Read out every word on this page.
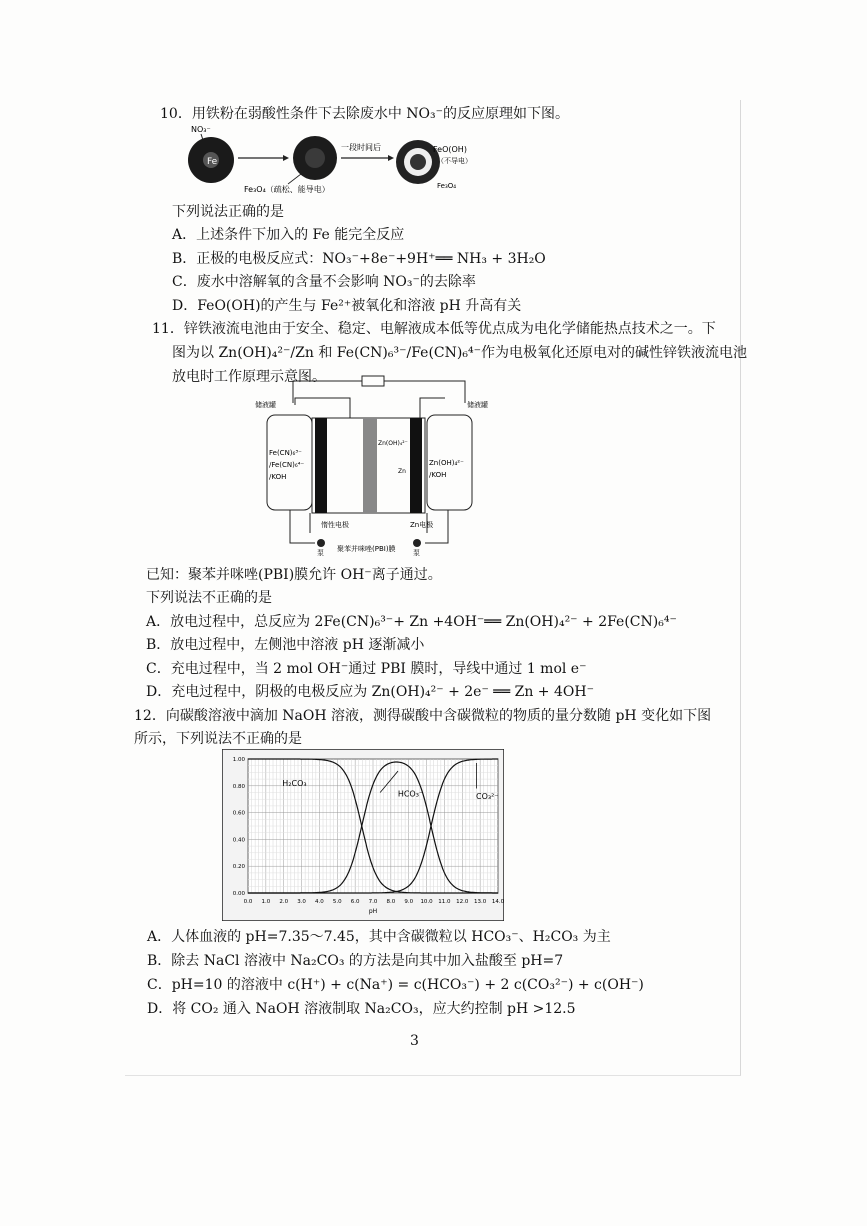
10．用铁粉在弱酸性条件下去除废水中 NO₃⁻的反应原理如下图。
NO₃⁻
Fe
Fe₃O₄（疏松、能导电）
一段时间后	FeO(OH)
（不导电）
Fe₃O₄
下列说法正确的是
A．上述条件下加入的 Fe 能完全反应
B．正极的电极反应式：NO₃⁻+8e⁻+9H⁺══ NH₃ + 3H₂O
C．废水中溶解氧的含量不会影响 NO₃⁻的去除率
D．FeO(OH)的产生与 Fe²⁺被氧化和溶液 pH 升高有关
11．锌铁液流电池由于安全、稳定、电解液成本低等优点成为电化学储能热点技术之一。下
图为以 Zn(OH)₄²⁻/Zn 和 Fe(CN)₆³⁻/Fe(CN)₆⁴⁻作为电极氧化还原电对的碱性锌铁液流电池
放电时工作原理示意图。
储液罐	储液罐
Fe(CN)₆³⁻
/Fe(CN)₆⁴⁻
/KOH
Zn(OH)₄²⁻
/KOH
Zn(OH)₄²⁻
Zn
惰性电极	Zn电极
泵	泵
聚苯并咪唑(PBI)膜
已知：聚苯并咪唑(PBI)膜允许 OH⁻离子通过。
下列说法不正确的是
A．放电过程中，总反应为 2Fe(CN)₆³⁻+ Zn +4OH⁻══ Zn(OH)₄²⁻ + 2Fe(CN)₆⁴⁻
B．放电过程中，左侧池中溶液 pH 逐渐减小
C．充电过程中，当 2 mol OH⁻通过 PBI 膜时，导线中通过 1 mol e⁻
D．充电过程中，阴极的电极反应为 Zn(OH)₄²⁻ + 2e⁻ ══ Zn + 4OH⁻
12．向碳酸溶液中滴加 NaOH 溶液，测得碳酸中含碳微粒的物质的量分数随 pH 变化如下图
所示，下列说法不正确的是
0.0 1.0 2.0 3.0 4.0 5.0 6.0 7.0 8.0 9.0 10.0 11.0 12.0 13.0 14.0
0.00
0.20
0.40
0.60
0.80
1.00
pH
H₂CO₃
HCO₃⁻	CO₃²⁻
A．人体血液的 pH=7.35～7.45，其中含碳微粒以 HCO₃⁻、H₂CO₃ 为主
B．除去 NaCl 溶液中 Na₂CO₃ 的方法是向其中加入盐酸至 pH=7
C．pH=10 的溶液中 c(H⁺) + c(Na⁺) = c(HCO₃⁻) + 2 c(CO₃²⁻) + c(OH⁻)
D．将 CO₂ 通入 NaOH 溶液制取 Na₂CO₃，应大约控制 pH >12.5
3
